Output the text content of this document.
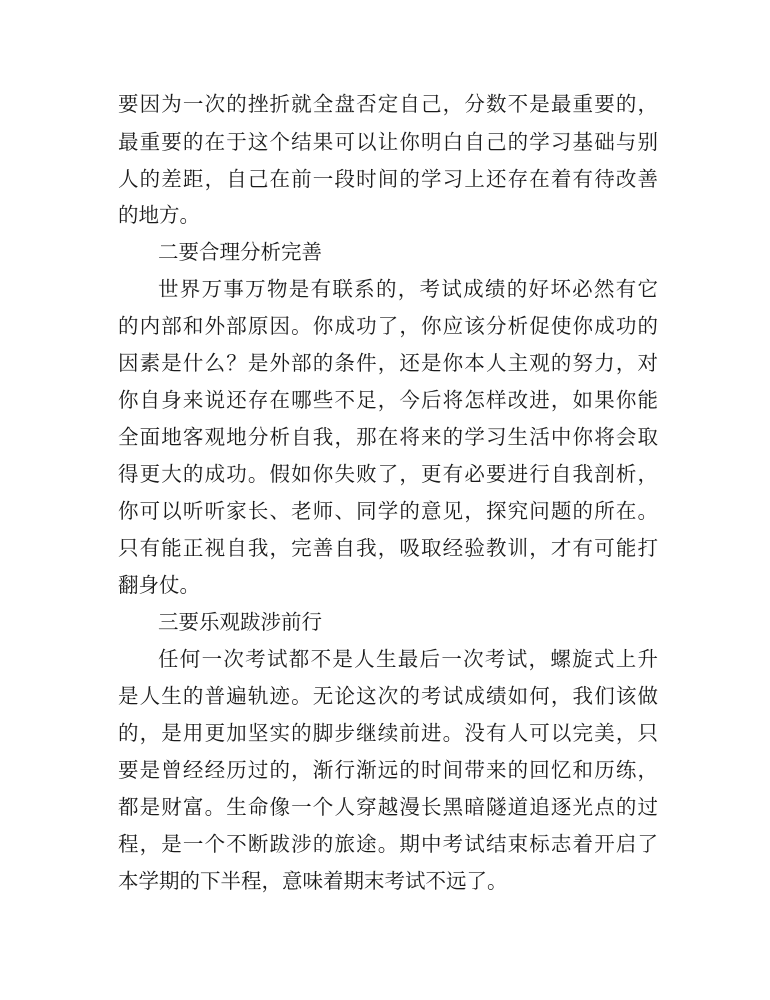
要因为一次的挫折就全盘否定自己，分数不是最重要的，

最重要的在于这个结果可以让你明白自己的学习基础与别

人的差距，自己在前一段时间的学习上还存在着有待改善

的地方。

二要合理分析完善

世界万事万物是有联系的，考试成绩的好坏必然有它

的内部和外部原因。你成功了，你应该分析促使你成功的

因素是什么？是外部的条件，还是你本人主观的努力，对

你自身来说还存在哪些不足，今后将怎样改进，如果你能

全面地客观地分析自我，那在将来的学习生活中你将会取

得更大的成功。假如你失败了，更有必要进行自我剖析，

你可以听听家长、老师、同学的意见，探究问题的所在。

只有能正视自我，完善自我，吸取经验教训，才有可能打

翻身仗。

三要乐观跋涉前行

任何一次考试都不是人生最后一次考试，螺旋式上升

是人生的普遍轨迹。无论这次的考试成绩如何，我们该做

的，是用更加坚实的脚步继续前进。没有人可以完美，只

要是曾经经历过的，渐行渐远的时间带来的回忆和历练，

都是财富。生命像一个人穿越漫长黑暗隧道追逐光点的过

程，是一个不断跋涉的旅途。期中考试结束标志着开启了

本学期的下半程，意味着期末考试不远了。
